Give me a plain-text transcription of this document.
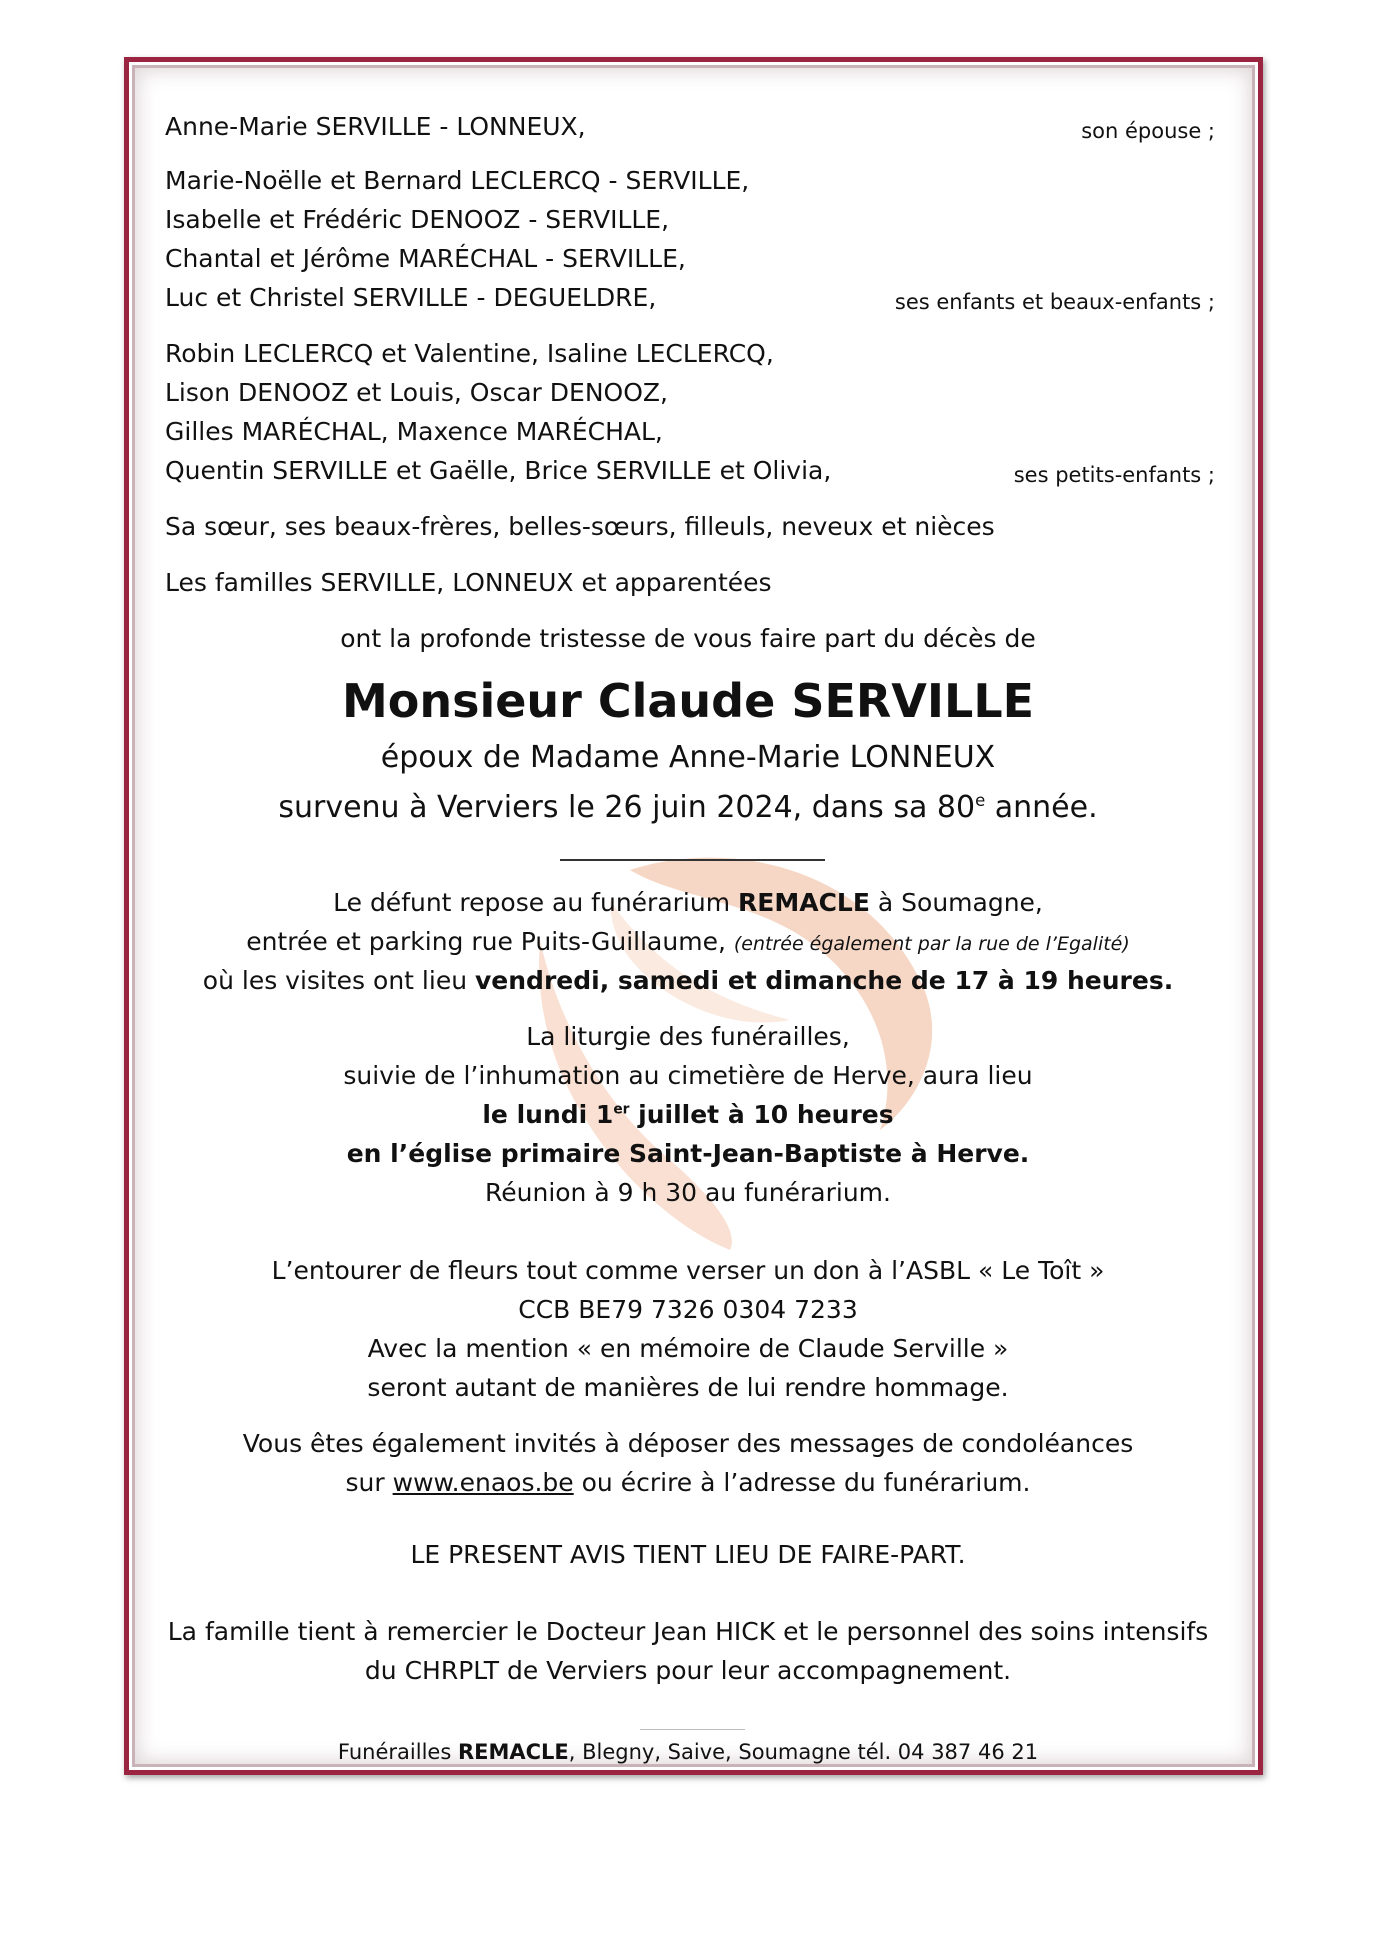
Anne-Marie SERVILLE - LONNEUX,	son épouse ;
Marie-Noëlle et Bernard LECLERCQ - SERVILLE,
Isabelle et Frédéric DENOOZ - SERVILLE,
Chantal et Jérôme MARÉCHAL - SERVILLE,
Luc et Christel SERVILLE - DEGUELDRE,	ses enfants et beaux-enfants ;
Robin LECLERCQ et Valentine, Isaline LECLERCQ,
Lison DENOOZ et Louis, Oscar DENOOZ,
Gilles MARÉCHAL, Maxence MARÉCHAL,
Quentin SERVILLE et Gaëlle, Brice SERVILLE et Olivia,	ses petits-enfants ;
Sa sœur, ses beaux-frères, belles-sœurs, filleuls, neveux et nièces
Les familles SERVILLE, LONNEUX et apparentées
ont la profonde tristesse de vous faire part du décès de
Monsieur Claude SERVILLE
époux de Madame Anne-Marie LONNEUX
survenu à Verviers le 26 juin 2024, dans sa 80e année.
Le défunt repose au funérarium REMACLE à Soumagne,
entrée et parking rue Puits-Guillaume, (entrée également par la rue de l’Egalité)
où les visites ont lieu vendredi, samedi et dimanche de 17 à 19 heures.
La liturgie des funérailles,
suivie de l’inhumation au cimetière de Herve, aura lieu
le lundi 1er juillet à 10 heures
en l’église primaire Saint-Jean-Baptiste à Herve.
Réunion à 9 h 30 au funérarium.
L’entourer de fleurs tout comme verser un don à l’ASBL « Le Toît »
CCB BE79 7326 0304 7233
Avec la mention « en mémoire de Claude Serville »
seront autant de manières de lui rendre hommage.
Vous êtes également invités à déposer des messages de condoléances
sur www.enaos.be ou écrire à l’adresse du funérarium.
LE PRESENT AVIS TIENT LIEU DE FAIRE-PART.
La famille tient à remercier le Docteur Jean HICK et le personnel des soins intensifs
du CHRPLT de Verviers pour leur accompagnement.
Funérailles REMACLE, Blegny, Saive, Soumagne tél. 04 387 46 21
